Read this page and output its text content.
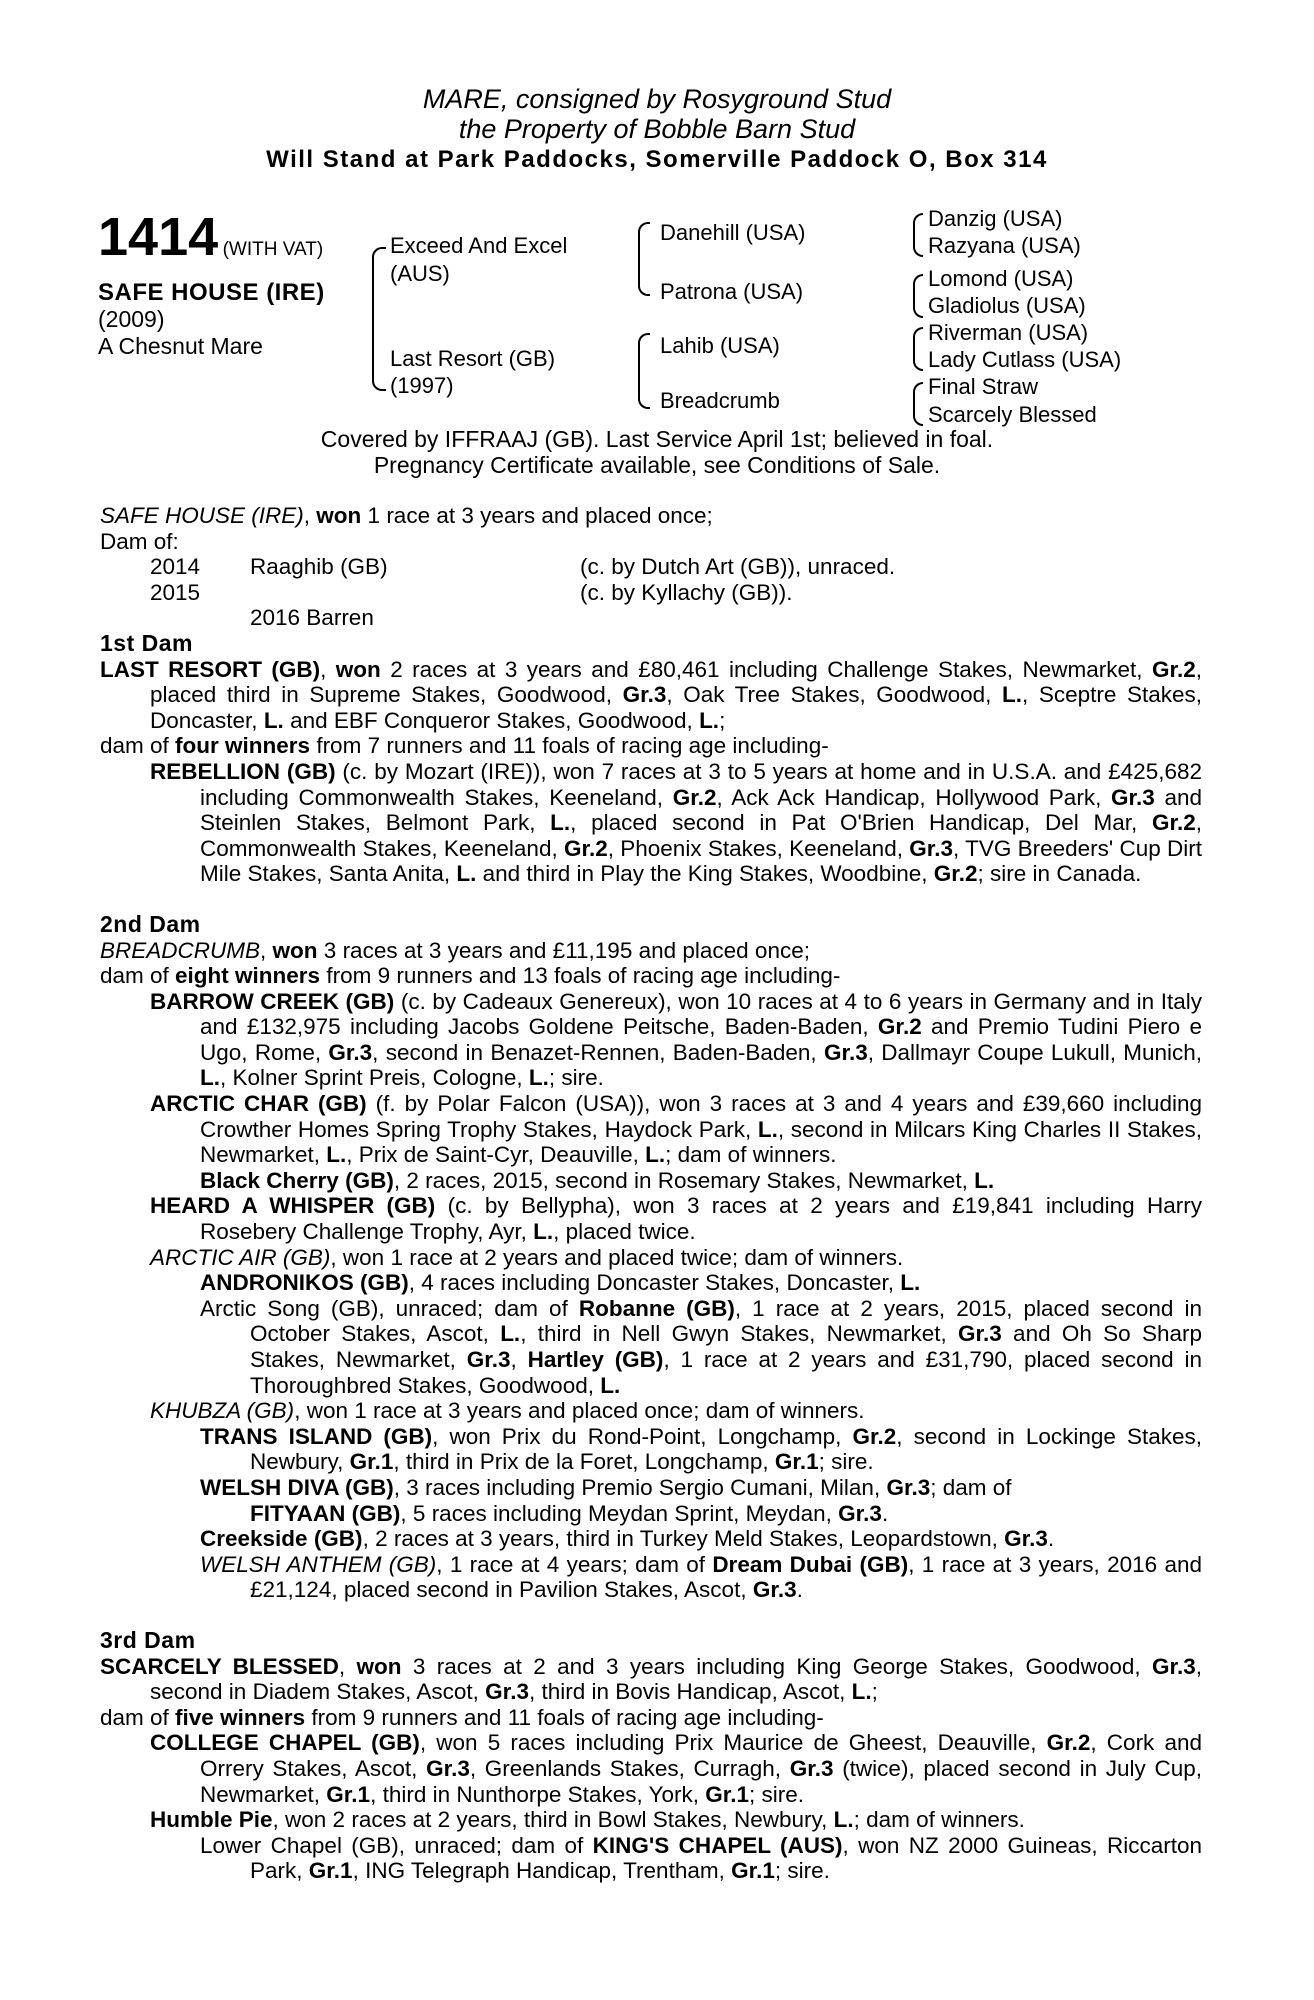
MARE, consigned by Rosyground Stud
the Property of Bobble Barn Stud
Will Stand at Park Paddocks, Somerville Paddock O, Box 314
1414 (WITH VAT)
SAFE HOUSE (IRE)
(2009)
A Chesnut Mare
Exceed And Excel
(AUS)
Last Resort (GB)
(1997)
Danehill (USA)
Patrona (USA)
Lahib (USA)
Breadcrumb
Danzig (USA)
Razyana (USA)
Lomond (USA)
Gladiolus (USA)
Riverman (USA)
Lady Cutlass (USA)
Final Straw
Scarcely Blessed
Covered by IFFRAAJ (GB). Last Service April 1st; believed in foal.
Pregnancy Certificate available, see Conditions of Sale.
SAFE HOUSE (IRE), won 1 race at 3 years and placed once;
Dam of:
2014 Raaghib (GB)	(c. by Dutch Art (GB)), unraced.
2015	(c. by Kyllachy (GB)).
2016 Barren
1st Dam
LAST RESORT (GB), won 2 races at 3 years and £80,461 including Challenge Stakes, Newmarket, Gr.2, placed third in Supreme Stakes, Goodwood, Gr.3, Oak Tree Stakes, Goodwood, L., Sceptre Stakes, Doncaster, L. and EBF Conqueror Stakes, Goodwood, L.;
dam of four winners from 7 runners and 11 foals of racing age including-
REBELLION (GB) (c. by Mozart (IRE)), won 7 races at 3 to 5 years at home and in U.S.A. and £425,682 including Commonwealth Stakes, Keeneland, Gr.2, Ack Ack Handicap, Hollywood Park, Gr.3 and Steinlen Stakes, Belmont Park, L., placed second in Pat O'Brien Handicap, Del Mar, Gr.2, Commonwealth Stakes, Keeneland, Gr.2, Phoenix Stakes, Keeneland, Gr.3, TVG Breeders' Cup Dirt Mile Stakes, Santa Anita, L. and third in Play the King Stakes, Woodbine, Gr.2; sire in Canada.
2nd Dam
BREADCRUMB, won 3 races at 3 years and £11,195 and placed once;
dam of eight winners from 9 runners and 13 foals of racing age including-
BARROW CREEK (GB) (c. by Cadeaux Genereux), won 10 races at 4 to 6 years in Germany and in Italy and £132,975 including Jacobs Goldene Peitsche, Baden-Baden, Gr.2 and Premio Tudini Piero e Ugo, Rome, Gr.3, second in Benazet-Rennen, Baden-Baden, Gr.3, Dallmayr Coupe Lukull, Munich, L., Kolner Sprint Preis, Cologne, L.; sire.
ARCTIC CHAR (GB) (f. by Polar Falcon (USA)), won 3 races at 3 and 4 years and £39,660 including Crowther Homes Spring Trophy Stakes, Haydock Park, L., second in Milcars King Charles II Stakes, Newmarket, L., Prix de Saint-Cyr, Deauville, L.; dam of winners.
Black Cherry (GB), 2 races, 2015, second in Rosemary Stakes, Newmarket, L.
HEARD A WHISPER (GB) (c. by Bellypha), won 3 races at 2 years and £19,841 including Harry Rosebery Challenge Trophy, Ayr, L., placed twice.
ARCTIC AIR (GB), won 1 race at 2 years and placed twice; dam of winners.
ANDRONIKOS (GB), 4 races including Doncaster Stakes, Doncaster, L.
Arctic Song (GB), unraced; dam of Robanne (GB), 1 race at 2 years, 2015, placed second in October Stakes, Ascot, L., third in Nell Gwyn Stakes, Newmarket, Gr.3 and Oh So Sharp Stakes, Newmarket, Gr.3, Hartley (GB), 1 race at 2 years and £31,790, placed second in Thoroughbred Stakes, Goodwood, L.
KHUBZA (GB), won 1 race at 3 years and placed once; dam of winners.
TRANS ISLAND (GB), won Prix du Rond-Point, Longchamp, Gr.2, second in Lockinge Stakes, Newbury, Gr.1, third in Prix de la Foret, Longchamp, Gr.1; sire.
WELSH DIVA (GB), 3 races including Premio Sergio Cumani, Milan, Gr.3; dam of
FITYAAN (GB), 5 races including Meydan Sprint, Meydan, Gr.3.
Creekside (GB), 2 races at 3 years, third in Turkey Meld Stakes, Leopardstown, Gr.3.
WELSH ANTHEM (GB), 1 race at 4 years; dam of Dream Dubai (GB), 1 race at 3 years, 2016 and £21,124, placed second in Pavilion Stakes, Ascot, Gr.3.
3rd Dam
SCARCELY BLESSED, won 3 races at 2 and 3 years including King George Stakes, Goodwood, Gr.3, second in Diadem Stakes, Ascot, Gr.3, third in Bovis Handicap, Ascot, L.;
dam of five winners from 9 runners and 11 foals of racing age including-
COLLEGE CHAPEL (GB), won 5 races including Prix Maurice de Gheest, Deauville, Gr.2, Cork and Orrery Stakes, Ascot, Gr.3, Greenlands Stakes, Curragh, Gr.3 (twice), placed second in July Cup, Newmarket, Gr.1, third in Nunthorpe Stakes, York, Gr.1; sire.
Humble Pie, won 2 races at 2 years, third in Bowl Stakes, Newbury, L.; dam of winners.
Lower Chapel (GB), unraced; dam of KING'S CHAPEL (AUS), won NZ 2000 Guineas, Riccarton Park, Gr.1, ING Telegraph Handicap, Trentham, Gr.1; sire.
